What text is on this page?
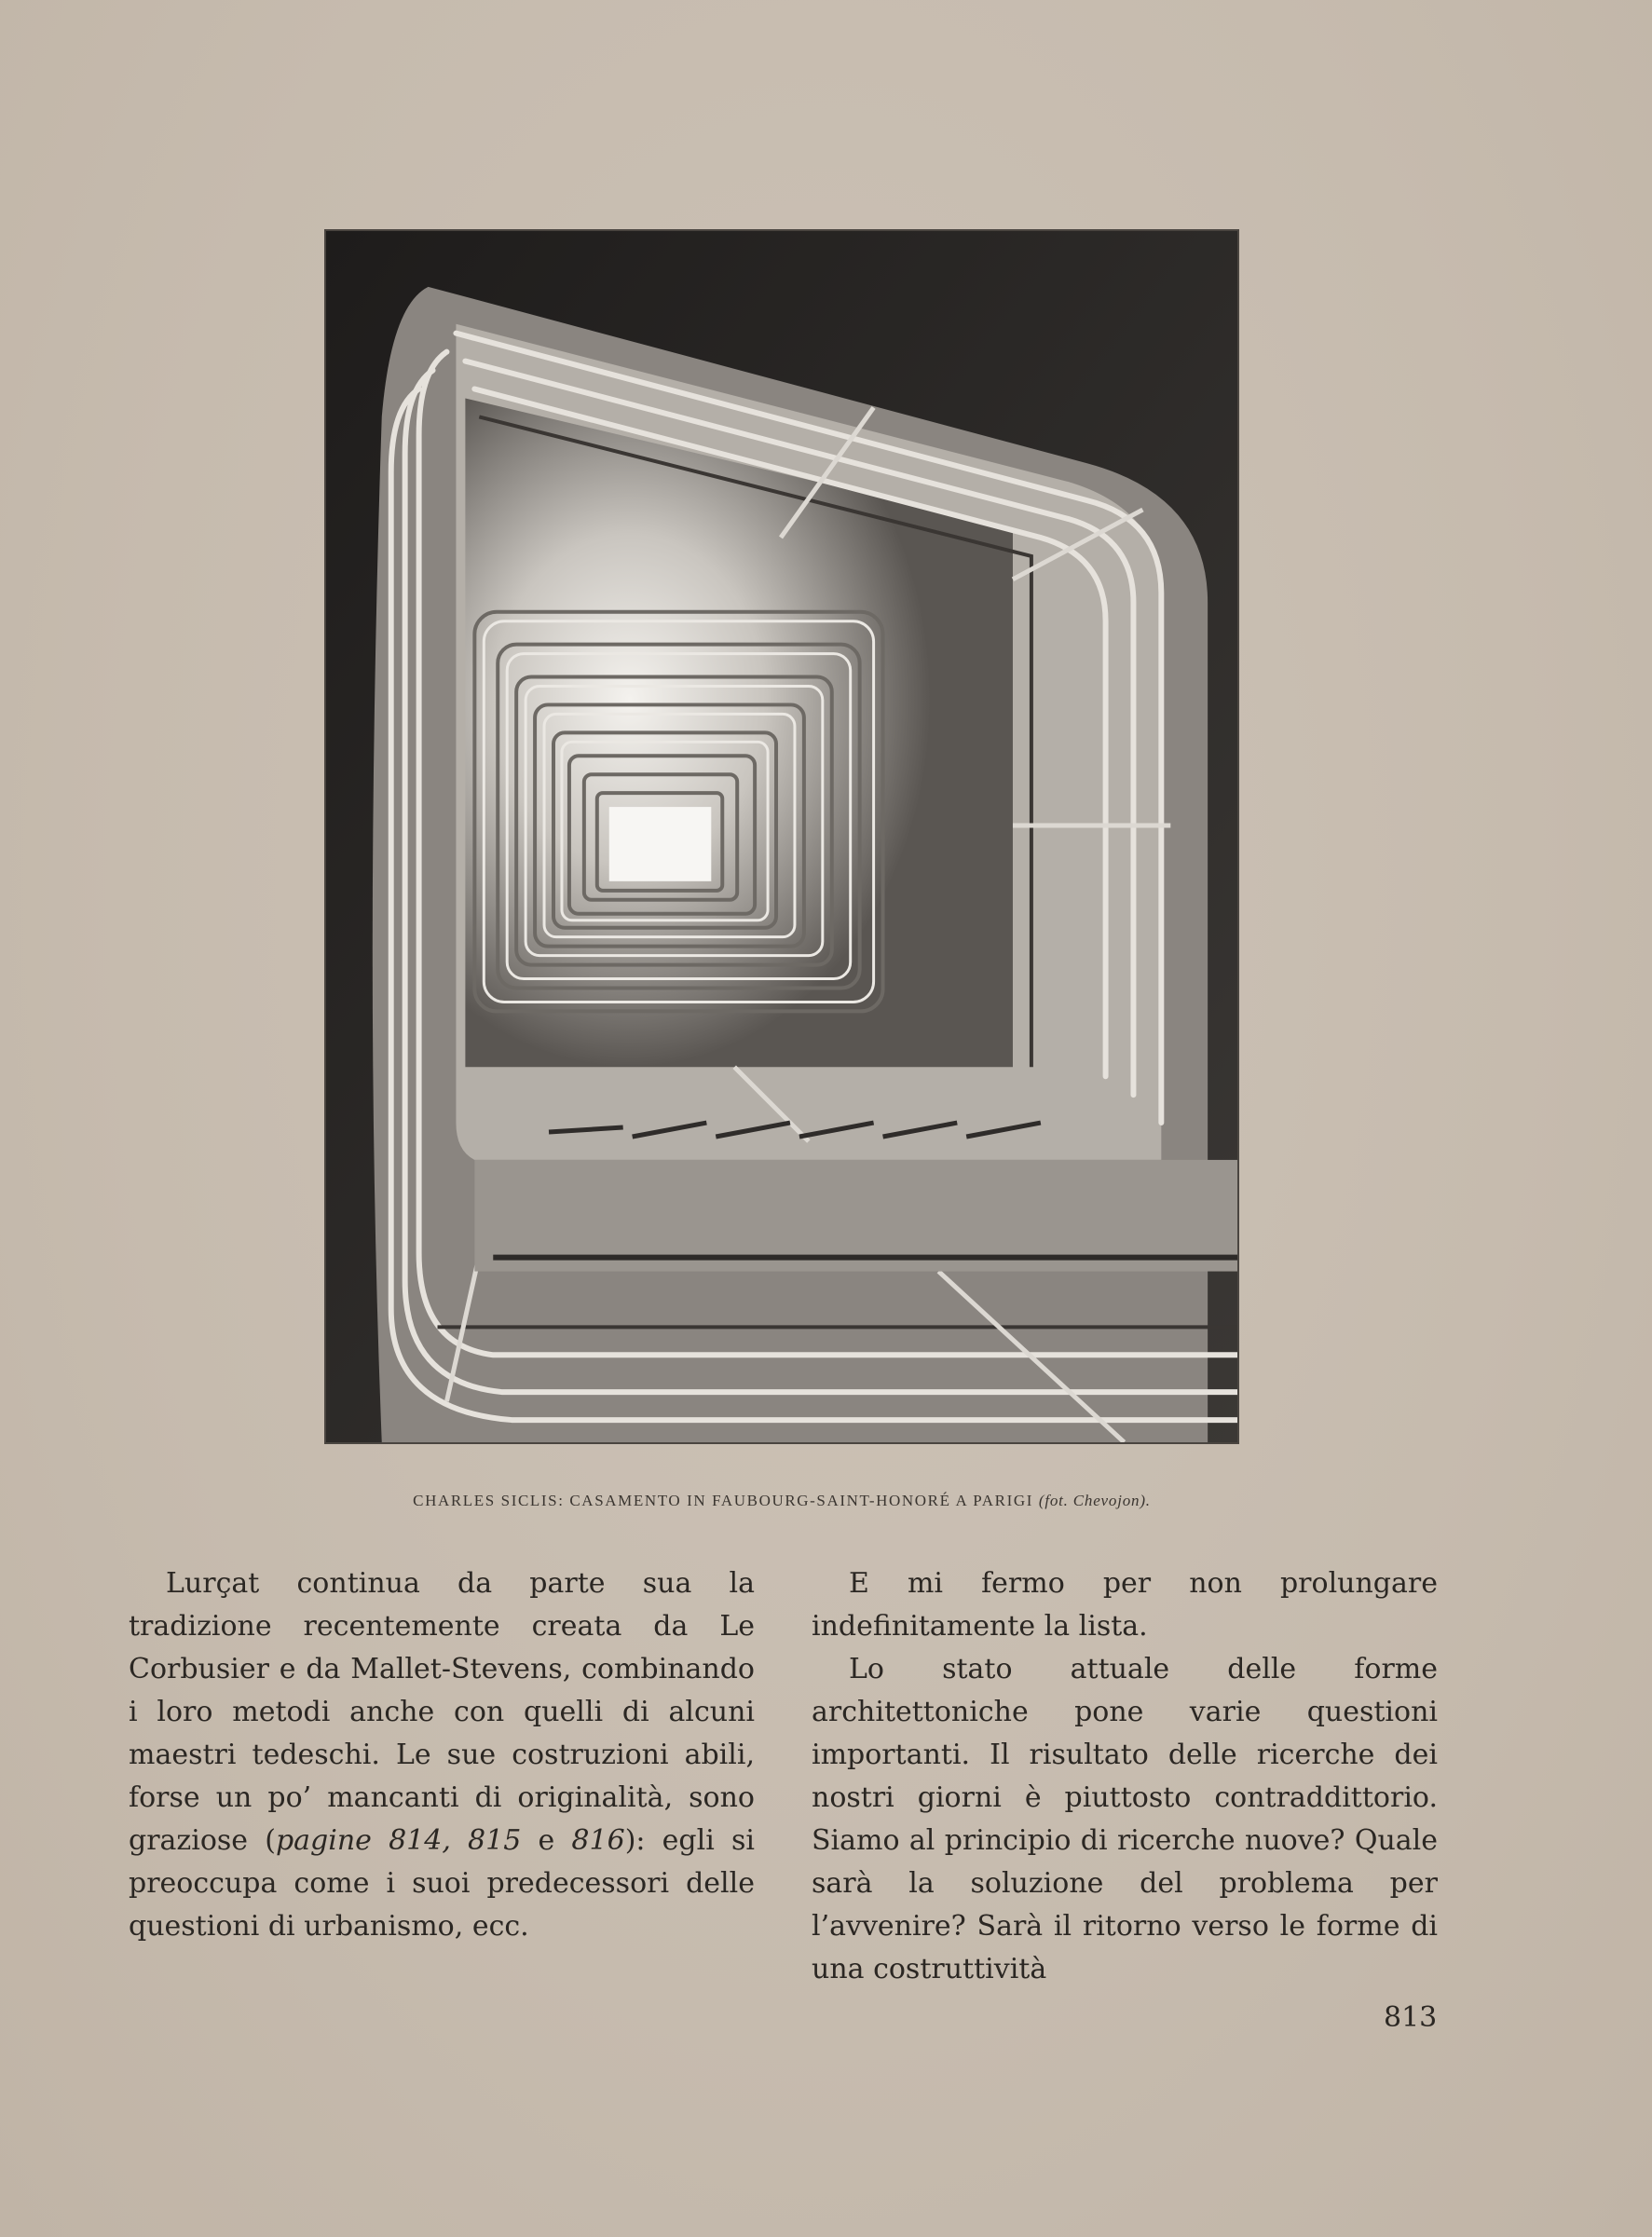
CHARLES SICLIS: CASAMENTO IN FAUBOURG-SAINT-HONORÉ A PARIGI (fot. Chevojon).

Lurçat continua da parte sua la tradizione recentemente creata da Le Corbusier e da Mallet-Stevens, combinando i loro metodi anche con quelli di alcuni maestri tedeschi. Le sue costruzioni abili, forse un po’ mancanti di originalità, sono graziose (pagine 814, 815 e 816): egli si preoccupa come i suoi predecessori delle questioni di urbanismo, ecc.

E mi fermo per non prolungare indefinitamente la lista.

Lo stato attuale delle forme architettoniche pone varie questioni importanti. Il risultato delle ricerche dei nostri giorni è piuttosto contraddittorio. Siamo al principio di ricerche nuove? Quale sarà la soluzione del problema per l’avvenire? Sarà il ritorno verso le forme di una costruttività

813
